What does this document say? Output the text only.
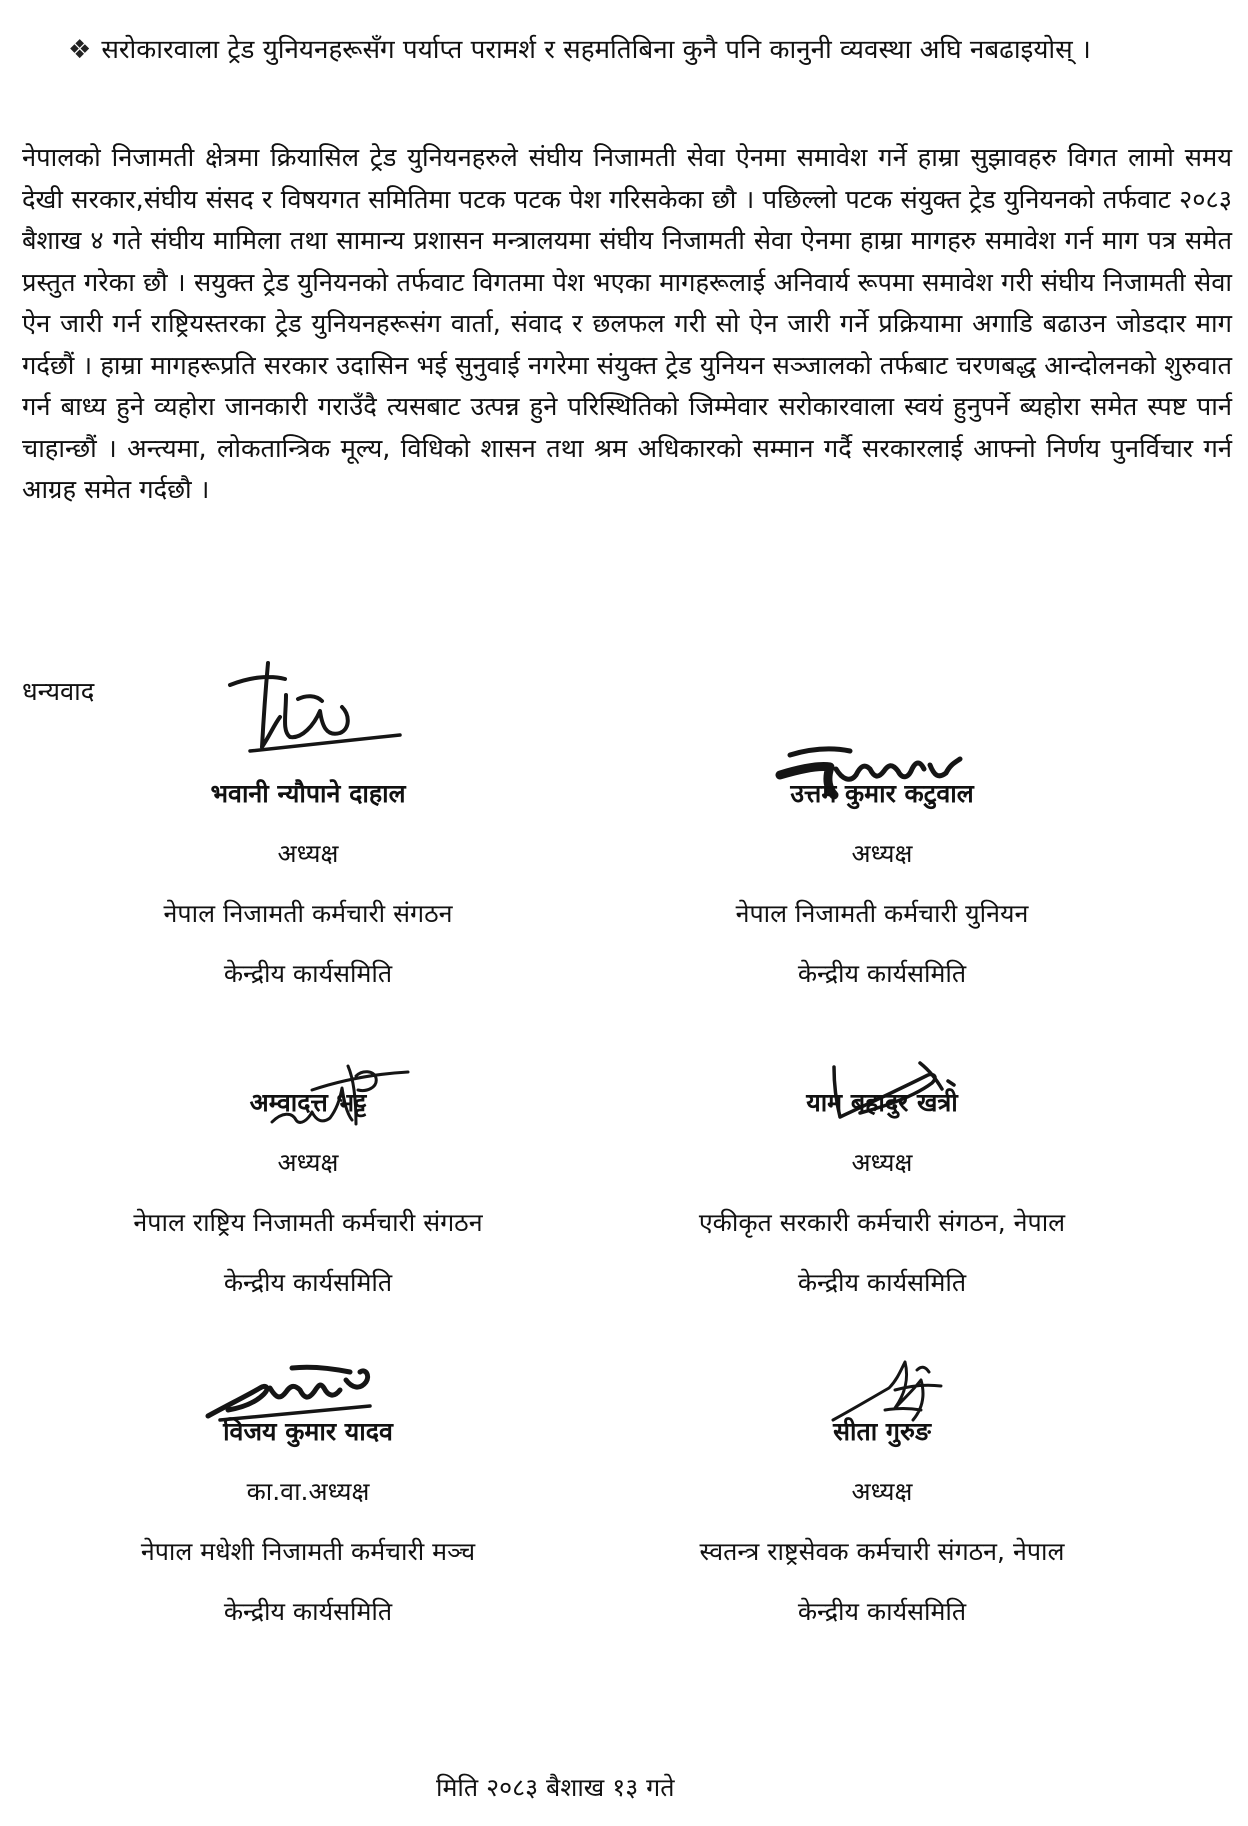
❖ सरोकारवाला ट्रेड युनियनहरूसँग पर्याप्त परामर्श र सहमतिबिना कुनै पनि कानुनी व्यवस्था अघि नबढाइयोस् ।
नेपालको निजामती क्षेत्रमा क्रियासिल ट्रेड युनियनहरुले संघीय निजामती सेवा ऐनमा समावेश गर्ने हाम्रा सुझावहरु विगत लामो समय देखी सरकार,संघीय संसद र विषयगत समितिमा पटक पटक पेश गरिसकेका छौ । पछिल्लो पटक संयुक्त ट्रेड युनियनको तर्फवाट २०८३ बैशाख ४ गते संघीय मामिला तथा सामान्य प्रशासन मन्त्रालयमा संघीय निजामती सेवा ऐनमा हाम्रा मागहरु समावेश गर्न माग पत्र समेत प्रस्तुत गरेका छौ । सयुक्त ट्रेड युनियनको तर्फवाट विगतमा पेश भएका मागहरूलाई अनिवार्य रूपमा समावेश गरी संघीय निजामती सेवा ऐन जारी गर्न राष्ट्रियस्तरका ट्रेड युनियनहरूसंग वार्ता, संवाद र छलफल गरी सो ऐन जारी गर्ने प्रक्रियामा अगाडि बढाउन जोडदार माग गर्दछौं । हाम्रा मागहरूप्रति सरकार उदासिन भई सुनुवाई नगरेमा संयुक्त ट्रेड युनियन सञ्जालको तर्फबाट चरणबद्ध आन्दोलनको शुरुवात गर्न बाध्य हुने व्यहोरा जानकारी गराउँदै त्यसबाट उत्पन्न हुने परिस्थितिको जिम्मेवार सरोकारवाला स्वयं हुनुपर्ने ब्यहोरा समेत स्पष्ट पार्न चाहान्छौं । अन्त्यमा, लोकतान्त्रिक मूल्य, विधिको शासन तथा श्रम अधिकारको सम्मान गर्दै सरकारलाई आफ्नो निर्णय पुनर्विचार गर्न आग्रह समेत गर्दछौ ।
धन्यवाद
भवानी न्यौपाने दाहाल
अध्यक्ष
नेपाल निजामती कर्मचारी संगठन
केन्द्रीय कार्यसमिति
उत्तम कुमार कटुवाल
अध्यक्ष
नेपाल निजामती कर्मचारी युनियन
केन्द्रीय कार्यसमिति
अम्वादत्त भट्ट
अध्यक्ष
नेपाल राष्ट्रिय निजामती कर्मचारी संगठन
केन्द्रीय कार्यसमिति
याम बहादुर खत्री
अध्यक्ष
एकीकृत सरकारी कर्मचारी संगठन, नेपाल
केन्द्रीय कार्यसमिति
विजय कुमार यादव
का.वा.अध्यक्ष
नेपाल मधेशी निजामती कर्मचारी मञ्च
केन्द्रीय कार्यसमिति
सीता गुरुङ
अध्यक्ष
स्वतन्त्र राष्ट्रसेवक कर्मचारी संगठन, नेपाल
केन्द्रीय कार्यसमिति
मिति २०८३ बैशाख १३ गते
